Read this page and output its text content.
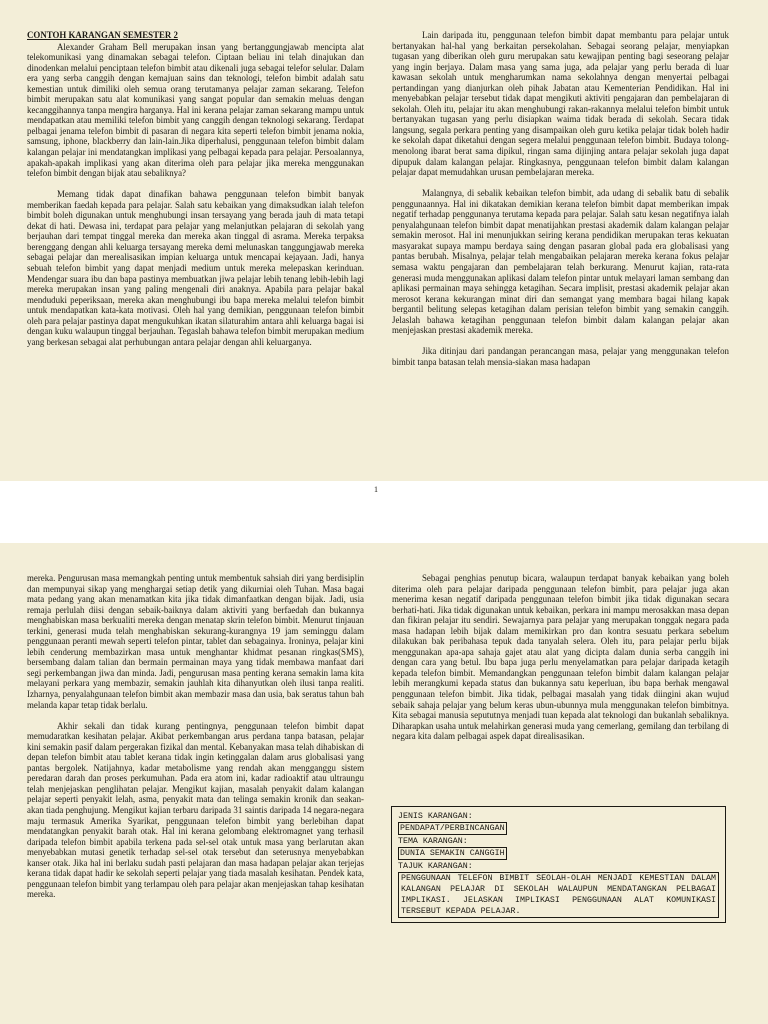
CONTOH KARANGAN SEMESTER 2

Alexander Graham Bell merupakan insan yang bertanggungjawab mencipta alat telekomunikasi yang dinamakan sebagai telefon. Ciptaan beliau ini telah dinajukan dan dinodenkan melalui penciptaan telefon bimbit atau dikenali juga sebagai telefor selular. Dalam era yang serba canggih dengan kemajuan sains dan teknologi, telefon bimbit adalah satu kemestian untuk dimiliki oleh semua orang terutamanya pelajar zaman sekarang. Telefon bimbit merupakan satu alat komunikasi yang sangat popular dan semakin meluas dengan kecanggihannya tanpa mengira harganya. Hal ini kerana pelajar zaman sekarang mampu untuk mendapatkan atau memiliki telefon bimbit yang canggih dengan teknologi sekarang. Terdapat pelbagai jenama telefon bimbit di pasaran di negara kita seperti telefon bimbit jenama nokia, samsung, iphone, blackberry dan lain-lain.Jika diperhalusi, penggunaan telefon bimbit dalam kalangan pelajar ini mendatangkan implikasi yang pelbagai kepada para pelajar. Persoalannya, apakah-apakah implikasi yang akan diterima oleh para pelajar jika mereka menggunakan telefon bimbit dengan bijak atau sebaliknya?

Memang tidak dapat dinafikan bahawa penggunaan telefon bimbit banyak memberikan faedah kepada para pelajar. Salah satu kebaikan yang dimaksudkan ialah telefon bimbit boleh digunakan untuk menghubungi insan tersayang yang berada jauh di mata tetapi dekat di hati. Dewasa ini, terdapat para pelajar yang melanjutkan pelajaran di sekolah yang berjauhan dari tempat tinggal mereka dan mereka akan tinggal di asrama. Mereka terpaksa berenggang dengan ahli keluarga tersayang mereka demi melunaskan tanggungjawab mereka sebagai pelajar dan merealisasikan impian keluarga untuk mencapai kejayaan. Jadi, hanya sebuah telefon bimbit yang dapat menjadi medium untuk mereka melepaskan kerinduan. Mendengar suara ibu dan bapa pastinya membuatkan jiwa pelajar lebih tenang lebih-lebih lagi mereka merupakan insan yang paling mengenali diri anaknya. Apabila para pelajar bakal menduduki peperiksaan, mereka akan menghubungi ibu bapa mereka melalui telefon bimbit untuk mendapatkan kata-kata motivasi. Oleh hal yang demikian, penggunaan telefon bimbit oleh para pelajar pastinya dapat mengukuhkan ikatan silaturahim antara ahli keluarga bagai isi dengan kuku walaupun tinggal berjauhan. Tegaslah bahawa telefon bimbit merupakan medium yang berkesan sebagai alat perhubungan antara pelajar dengan ahli keluarganya.

Lain daripada itu, penggunaan telefon bimbit dapat membantu para pelajar untuk bertanyakan hal-hal yang berkaitan persekolahan. Sebagai seorang pelajar, menyiapkan tugasan yang diberikan oleh guru merupakan satu kewajipan penting bagi seseorang pelajar yang ingin berjaya. Dalam masa yang sama juga, ada pelajar yang perlu berada di luar kawasan sekolah untuk mengharumkan nama sekolahnya dengan menyertai pelbagai pertandingan yang dianjurkan oleh pihak Jabatan atau Kementerian Pendidikan. Hal ini menyebabkan pelajar tersebut tidak dapat mengikuti aktiviti pengajaran dan pembelajaran di sekolah. Oleh itu, pelajar itu akan menghubungi rakan-rakannya melalui telefon bimbit untuk bertanyakan tugasan yang perlu disiapkan waima tidak berada di sekolah. Secara tidak langsung, segala perkara penting yang disampaikan oleh guru ketika pelajar tidak boleh hadir ke sekolah dapat diketahui dengan segera melalui penggunaan telefon bimbit. Budaya tolong-menolong ibarat berat sama dipikul, ringan sama dijinjing antara pelajar sekolah juga dapat dipupuk dalam kalangan pelajar. Ringkasnya, penggunaan telefon bimbit dalam kalangan pelajar dapat memudahkan urusan pembelajaran mereka.

Malangnya, di sebalik kebaikan telefon bimbit, ada udang di sebalik batu di sebalik penggunaannya. Hal ini dikatakan demikian kerana telefon bimbit dapat memberikan impak negatif terhadap penggunanya terutama kepada para pelajar. Salah satu kesan negatifnya ialah penyalahgunaan telefon bimbit dapat menatijahkan prestasi akademik dalam kalangan pelajar semakin merosot. Hal ini menunjukkan seiring kerana pendidikan merupakan teras kekuatan masyarakat supaya mampu berdaya saing dengan pasaran global pada era globalisasi yang pantas berubah. Misalnya, pelajar telah mengabaikan pelajaran mereka kerana fokus pelajar semasa waktu pengajaran dan pembelajaran telah berkurang. Menurut kajian, rata-rata generasi muda menggunakan aplikasi dalam telefon pintar untuk melayari laman sembang dan aplikasi permainan maya sehingga ketagihan. Secara implisit, prestasi akademik pelajar akan merosot kerana kekurangan minat diri dan semangat yang membara bagai hilang kapak bergantil belitung selepas ketagihan dalam perisian telefon bimbit yang semakin canggih. Jelaslah bahawa ketagihan penggunaan telefon bimbit dalam kalangan pelajar akan menjejaskan prestasi akademik mereka.

Jika ditinjau dari pandangan perancangan masa, pelajar yang menggunakan telefon bimbit tanpa batasan telah mensia-siakan masa hadapan

1

mereka. Pengurusan masa memangkah penting untuk membentuk sahsiah diri yang berdisiplin dan mempunyai sikap yang menghargai setiap detik yang dikurniai oleh Tuhan. Masa bagai mata pedang yang akan menamatkan kita jika tidak dimanfaatkan dengan bijak. Jadi, usia remaja perlulah diisi dengan sebaik-baiknya dalam aktiviti yang berfaedah dan bukannya menghabiskan masa berkualiti mereka dengan menatap skrin telefon bimbit. Menurut tinjauan terkini, generasi muda telah menghabiskan sekurang-kurangnya 19 jam seminggu dalam penggunaan peranti mewah seperti telefon pintar, tablet dan sebagainya. Ironinya, pelajar kini lebih cenderung membazirkan masa untuk menghantar khidmat pesanan ringkas(SMS), bersembang dalam talian dan bermain permainan maya yang tidak membawa manfaat dari segi perkembangan jiwa dan minda. Jadi, pengurusan masa penting kerana semakin lama kita melayani perkara yang membazir, semakin jauhlah kita dihanyutkan oleh ilusi tanpa realiti. Izharnya, penyalahgunaan telefon bimbit akan membazir masa dan usia, bak seratus tahun bah melanda kapar tetap tidak berlalu.

Akhir sekali dan tidak kurang pentingnya, penggunaan telefon bimbit dapat memudaratkan kesihatan pelajar. Akibat perkembangan arus perdana tanpa batasan, pelajar kini semakin pasif dalam pergerakan fizikal dan mental. Kebanyakan masa telah dihabiskan di depan telefon bimbit atau tablet kerana tidak ingin ketinggalan dalam arus globalisasi yang pantas bergolek. Natijahnya, kadar metabolisme yang rendah akan mengganggu sistem peredaran darah dan proses perkumuhan. Pada era atom ini, kadar radioaktif atau ultraungu telah menjejaskan penglihatan pelajar. Mengikut kajian, masalah penyakit dalam kalangan pelajar seperti penyakit lelah, asma, penyakit mata dan telinga semakin kronik dan seakan-akan tiada penghujung. Mengikut kajian terbaru daripada 31 saintis daripada 14 negara-negara maju termasuk Amerika Syarikat, penggunaan telefon bimbit yang berlebihan dapat mendatangkan penyakit barah otak. Hal ini kerana gelombang elektromagnet yang terhasil daripada telefon bimbit apabila terkena pada sel-sel otak untuk masa yang berlarutan akan menyebabkan mutasi genetik terhadap sel-sel otak tersebut dan seterusnya menyebabkan kanser otak. Jika hal ini berlaku sudah pasti pelajaran dan masa hadapan pelajar akan terjejas kerana tidak dapat hadir ke sekolah seperti pelajar yang tiada masalah kesihatan. Pendek kata, penggunaan telefon bimbit yang terlampau oleh para pelajar akan menjejaskan tahap kesihatan mereka.

Sebagai penghias penutup bicara, walaupun terdapat banyak kebaikan yang boleh diterima oleh para pelajar daripada penggunaan telefon bimbit, para pelajar juga akan menerima kesan negatif daripada penggunaan telefon bimbit jika tidak digunakan secara berhati-hati. Jika tidak digunakan untuk kebaikan, perkara ini mampu merosakkan masa depan dan fikiran pelajar itu sendiri. Sewajarnya para pelajar yang merupakan tonggak negara pada masa hadapan lebih bijak dalam memikirkan pro dan kontra sesuatu perkara sebelum dilakukan bak peribahasa tepuk dada tanyalah selera. Oleh itu, para pelajar perlu bijak menggunakan apa-apa sahaja gajet atau alat yang dicipta dalam dunia serba canggih ini dengan cara yang betul. Ibu bapa juga perlu menyelamatkan para pelajar daripada ketagih kepada telefon bimbit. Memandangkan penggunaan telefon bimbit dalam kalangan pelajar lebih merangkumi kepada status dan bukannya satu keperluan, ibu bapa berhak mengawal penggunaan telefon bimbit. Jika tidak, pelbagai masalah yang tidak diingini akan wujud sebaik sahaja pelajar yang belum keras ubun-ubunnya mula menggunakan telefon bimbitnya. Kita sebagai manusia sepututnya menjadi tuan kepada alat teknologi dan bukanlah sebaliknya. Diharapkan usaha untuk melahirkan generasi muda yang cemerlang, gemilang dan terbilang di negara kita dalam pelbagai aspek dapat direalisasikan.

JENIS KARANGAN:
PENDAPAT/PERBINCANGAN
TEMA KARANGAN:
DUNIA SEMAKIN CANGGIH
TAJUK KARANGAN:
PENGGUNAAN TELEFON BIMBIT SEOLAH-OLAH MENJADI KEMESTIAN DALAM KALANGAN PELAJAR DI SEKOLAH WALAUPUN MENDATANGKAN PELBAGAI IMPLIKASI. JELASKAN IMPLIKASI PENGGUNAAN ALAT KOMUNIKASI TERSEBUT KEPADA PELAJAR.
